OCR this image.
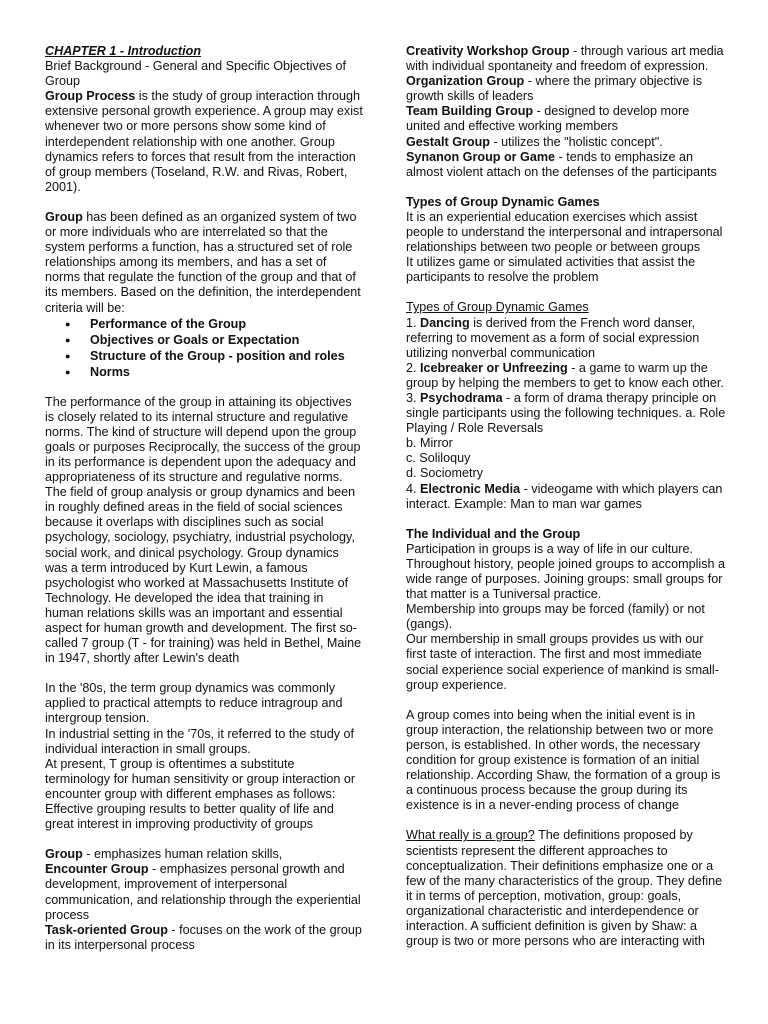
CHAPTER 1 - Introduction

Brief Background - General and Specific Objectives of Group

Group Process is the study of group interaction through extensive personal growth experience. A group may exist whenever two or more persons show some kind of interdependent relationship with one another. Group dynamics refers to forces that result from the interaction of group members (Toseland, R.W. and Rivas, Robert, 2001).

Group has been defined as an organized system of two or more individuals who are interrelated so that the system performs a function, has a structured set of role relationships among its members, and has a set of norms that regulate the function of the group and that of its members. Based on the definition, the interdependent criteria will be:

● Performance of the Group
● Objectives or Goals or Expectation
● Structure of the Group - position and roles
● Norms

The performance of the group in attaining its objectives is closely related to its internal structure and regulative norms. The kind of structure will depend upon the group goals or purposes Reciprocally, the success of the group in its performance is dependent upon the adequacy and appropriateness of its structure and regulative norms. The field of group analysis or group dynamics and been in roughly defined areas in the field of social sciences because it overlaps with disciplines such as social psychology, sociology, psychiatry, industrial psychology, social work, and dinical psychology. Group dynamics was a term introduced by Kurt Lewin, a famous psychologist who worked at Massachusetts Institute of Technology. He developed the idea that training in human relations skills was an important and essential aspect for human growth and development. The first so-called 7 group (T - for training) was held in Bethel, Maine in 1947, shortly after Lewin's death

In the '80s, the term group dynamics was commonly applied to practical attempts to reduce intragroup and intergroup tension.

In industrial setting in the '70s, it referred to the study of individual interaction in small groups.

At present, T group is oftentimes a substitute terminology for human sensitivity or group interaction or encounter group with different emphases as follows: Effective grouping results to better quality of life and great interest in improving productivity of groups

Group - emphasizes human relation skills,

Encounter Group - emphasizes personal growth and development, improvement of interpersonal communication, and relationship through the experiential process

Task-oriented Group - focuses on the work of the group in its interpersonal process

Creativity Workshop Group - through various art media with individual spontaneity and freedom of expression.

Organization Group - where the primary objective is growth skills of leaders

Team Building Group - designed to develop more united and effective working members

Gestalt Group - utilizes the "holistic concept".

Synanon Group or Game - tends to emphasize an almost violent attach on the defenses of the participants

Types of Group Dynamic Games

It is an experiential education exercises which assist people to understand the interpersonal and intrapersonal relationships between two people or between groups

It utilizes game or simulated activities that assist the participants to resolve the problem

Types of Group Dynamic Games

1. Dancing is derived from the French word danser, referring to movement as a form of social expression utilizing nonverbal communication

2. Icebreaker or Unfreezing - a game to warm up the group by helping the members to get to know each other.

3. Psychodrama - a form of drama therapy principle on single participants using the following techniques. a. Role Playing / Role Reversals

b. Mirror

c. Soliloquy

d. Sociometry

4. Electronic Media - videogame with which players can interact. Example: Man to man war games

The Individual and the Group

Participation in groups is a way of life in our culture. Throughout history, people joined groups to accomplish a wide range of purposes. Joining groups: small groups for that matter is a Tuniversal practice.

Membership into groups may be forced (family) or not (gangs).

Our membership in small groups provides us with our first taste of interaction. The first and most immediate social experience social experience of mankind is small-group experience.

A group comes into being when the initial event is in group interaction, the relationship between two or more person, is established. In other words, the necessary condition for group existence is formation of an initial relationship. According Shaw, the formation of a group is a continuous process because the group during its existence is in a never-ending process of change

What really is a group? The definitions proposed by scientists represent the different approaches to conceptualization. Their definitions emphasize one or a few of the many characteristics of the group. They define it in terms of perception, motivation, group: goals, organizational characteristic and interdependence or interaction. A sufficient definition is given by Shaw: a group is two or more persons who are interacting with
